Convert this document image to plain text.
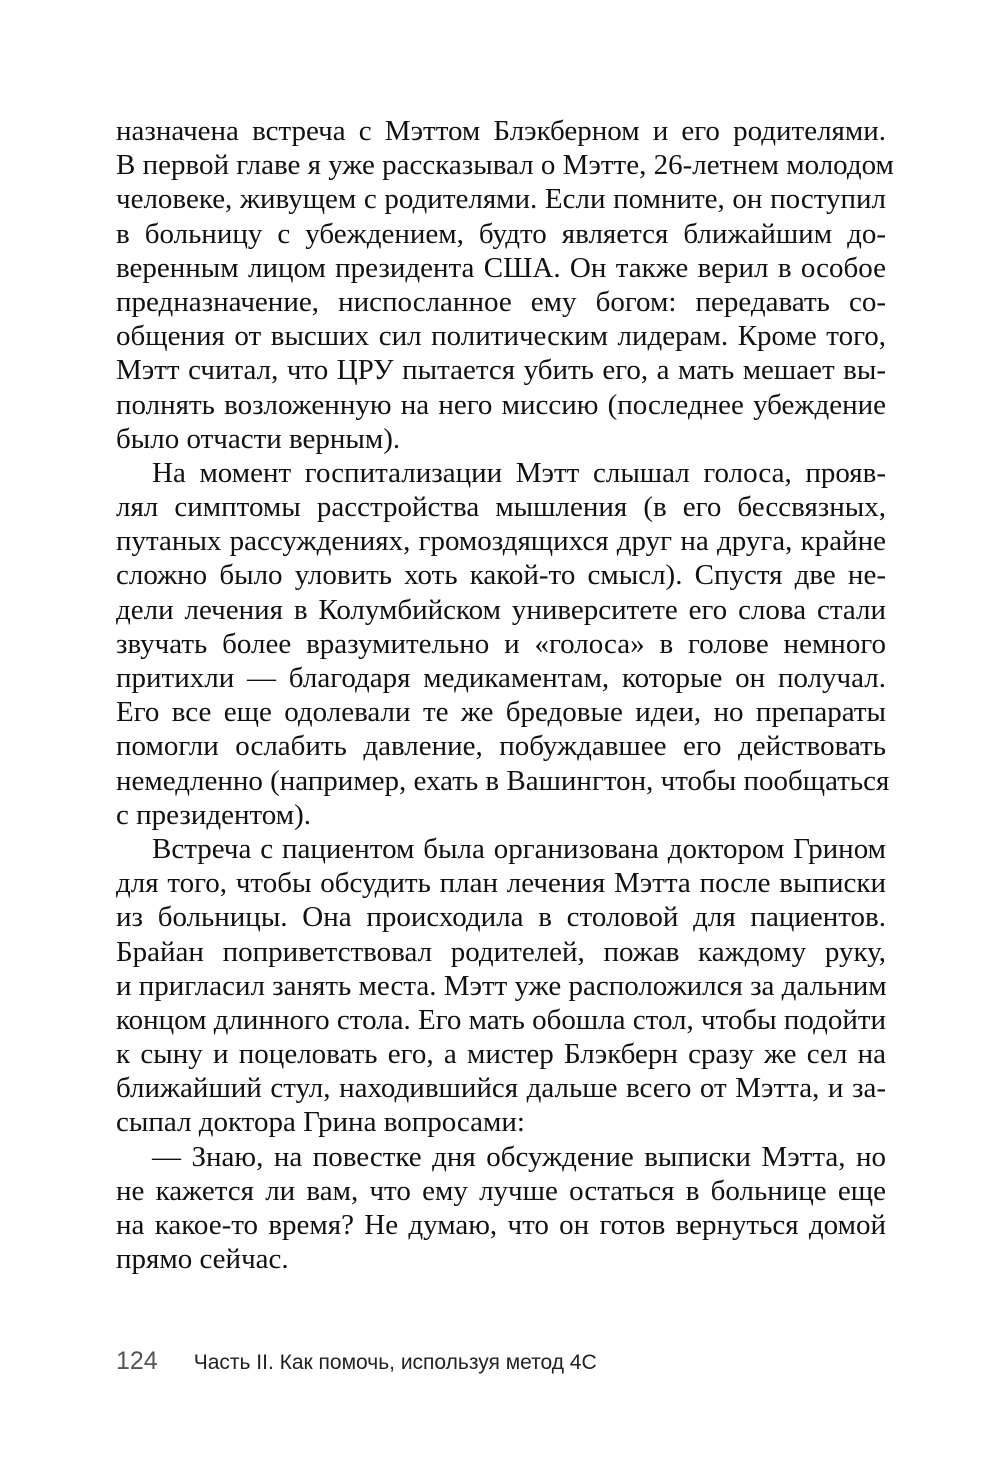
назначена встреча с Мэттом Блэкберном и его родителями.
В первой главе я уже рассказывал о Мэтте, 26-летнем молодом
человеке, живущем с родителями. Если помните, он поступил
в больницу с убеждением, будто является ближайшим до-
веренным лицом президента США. Он также верил в особое
предназначение, ниспосланное ему богом: передавать со-
общения от высших сил политическим лидерам. Кроме того,
Мэтт считал, что ЦРУ пытается убить его, а мать мешает вы-
полнять возложенную на него миссию (последнее убеждение
было отчасти верным).
На момент госпитализации Мэтт слышал голоса, прояв-
лял симптомы расстройства мышления (в его бессвязных,
путаных рассуждениях, громоздящихся друг на друга, крайне
сложно было уловить хоть какой-то смысл). Спустя две не-
дели лечения в Колумбийском университете его слова стали
звучать более вразумительно и «голоса» в голове немного
притихли — благодаря медикаментам, которые он получал.
Его все еще одолевали те же бредовые идеи, но препараты
помогли ослабить давление, побуждавшее его действовать
немедленно (например, ехать в Вашингтон, чтобы пообщаться
с президентом).
Встреча с пациентом была организована доктором Грином
для того, чтобы обсудить план лечения Мэтта после выписки
из больницы. Она происходила в столовой для пациентов.
Брайан поприветствовал родителей, пожав каждому руку,
и пригласил занять места. Мэтт уже расположился за дальним
концом длинного стола. Его мать обошла стол, чтобы подойти
к сыну и поцеловать его, а мистер Блэкберн сразу же сел на
ближайший стул, находившийся дальше всего от Мэтта, и за-
сыпал доктора Грина вопросами:
— Знаю, на повестке дня обсуждение выписки Мэтта, но
не кажется ли вам, что ему лучше остаться в больнице еще
на какое-то время? Не думаю, что он готов вернуться домой
прямо сейчас.
124 Часть II. Как помочь, используя метод 4C
